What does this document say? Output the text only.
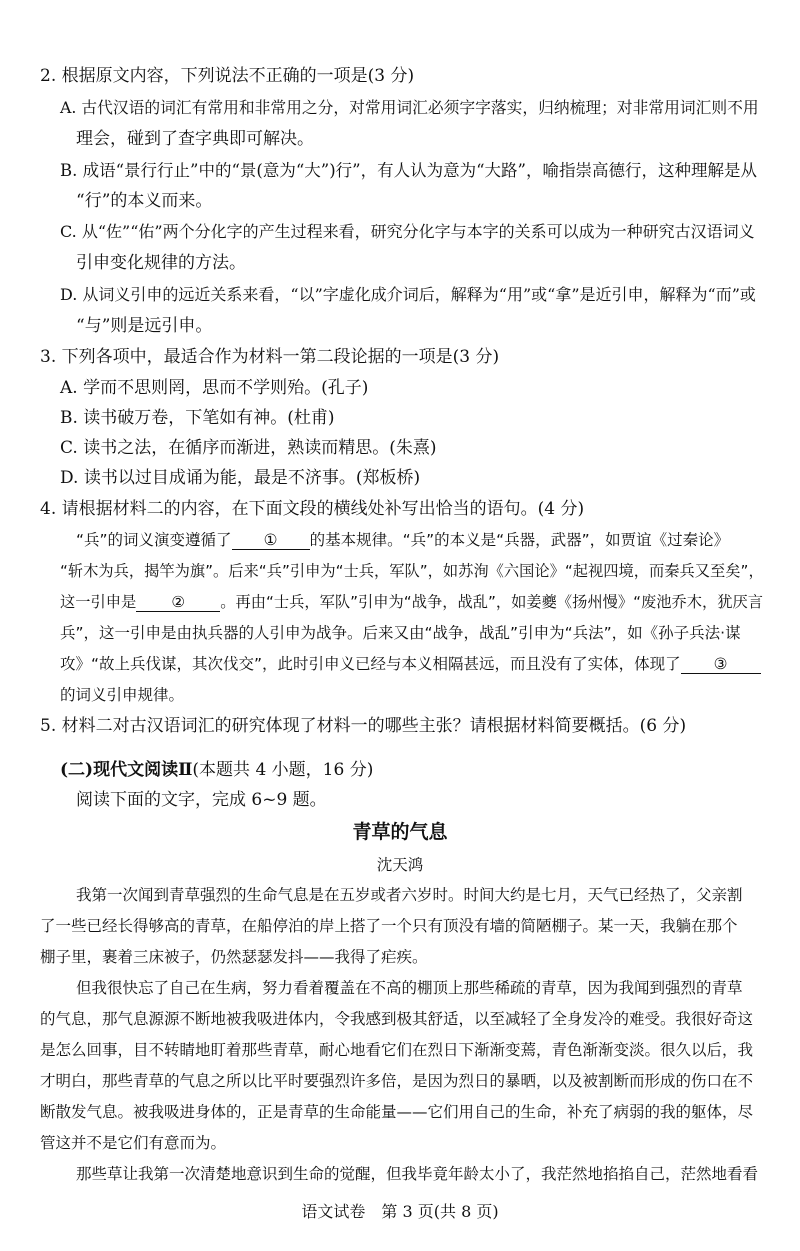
2. 根据原文内容，下列说法不正确的一项是(3 分)
A. 古代汉语的词汇有常用和非常用之分，对常用词汇必须字字落实，归纳梳理；对非常用词汇则不用
理会，碰到了查字典即可解决。
B. 成语“景行行止”中的“景(意为“大”)行”，有人认为意为“大路”，喻指崇高德行，这种理解是从
“行”的本义而来。
C. 从“佐”“佑”两个分化字的产生过程来看，研究分化字与本字的关系可以成为一种研究古汉语词义
引申变化规律的方法。
D. 从词义引申的远近关系来看，“以”字虚化成介词后，解释为“用”或“拿”是近引申，解释为“而”或
“与”则是远引申。
3. 下列各项中，最适合作为材料一第二段论据的一项是(3 分)
A. 学而不思则罔，思而不学则殆。(孔子)
B. 读书破万卷，下笔如有神。(杜甫)
C. 读书之法，在循序而渐进，熟读而精思。(朱熹)
D. 读书以过目成诵为能，最是不济事。(郑板桥)
4. 请根据材料二的内容，在下面文段的横线处补写出恰当的语句。(4 分)
“兵”的词义演变遵循了 ① 的基本规律。“兵”的本义是“兵器，武器”，如贾谊《过秦论》
“斩木为兵，揭竿为旗”。后来“兵”引申为“士兵，军队”，如苏洵《六国论》“起视四境，而秦兵又至矣”，
这一引申是 ② 。再由“士兵，军队”引申为“战争，战乱”，如姜夔《扬州慢》“废池乔木，犹厌言
兵”，这一引申是由执兵器的人引申为战争。后来又由“战争，战乱”引申为“兵法”，如《孙子兵法·谋
攻》“故上兵伐谋，其次伐交”，此时引申义已经与本义相隔甚远，而且没有了实体，体现了 ③
的词义引申规律。
5. 材料二对古汉语词汇的研究体现了材料一的哪些主张？请根据材料简要概括。(6 分)
(二)现代文阅读Ⅱ(本题共 4 小题，16 分)
阅读下面的文字，完成 6~9 题。
青草的气息
沈天鸿
我第一次闻到青草强烈的生命气息是在五岁或者六岁时。时间大约是七月，天气已经热了，父亲割
了一些已经长得够高的青草，在船停泊的岸上搭了一个只有顶没有墙的简陋棚子。某一天，我躺在那个
棚子里，裹着三床被子，仍然瑟瑟发抖——我得了疟疾。
但我很快忘了自己在生病，努力看着覆盖在不高的棚顶上那些稀疏的青草，因为我闻到强烈的青草
的气息，那气息源源不断地被我吸进体内，令我感到极其舒适，以至减轻了全身发冷的难受。我很好奇这
是怎么回事，目不转睛地盯着那些青草，耐心地看它们在烈日下渐渐变蔫，青色渐渐变淡。很久以后，我
才明白，那些青草的气息之所以比平时要强烈许多倍，是因为烈日的暴晒，以及被割断而形成的伤口在不
断散发气息。被我吸进身体的，正是青草的生命能量——它们用自己的生命，补充了病弱的我的躯体，尽
管这并不是它们有意而为。
那些草让我第一次清楚地意识到生命的觉醒，但我毕竟年龄太小了，我茫然地掐掐自己，茫然地看看
语文试卷　第 3 页(共 8 页)
